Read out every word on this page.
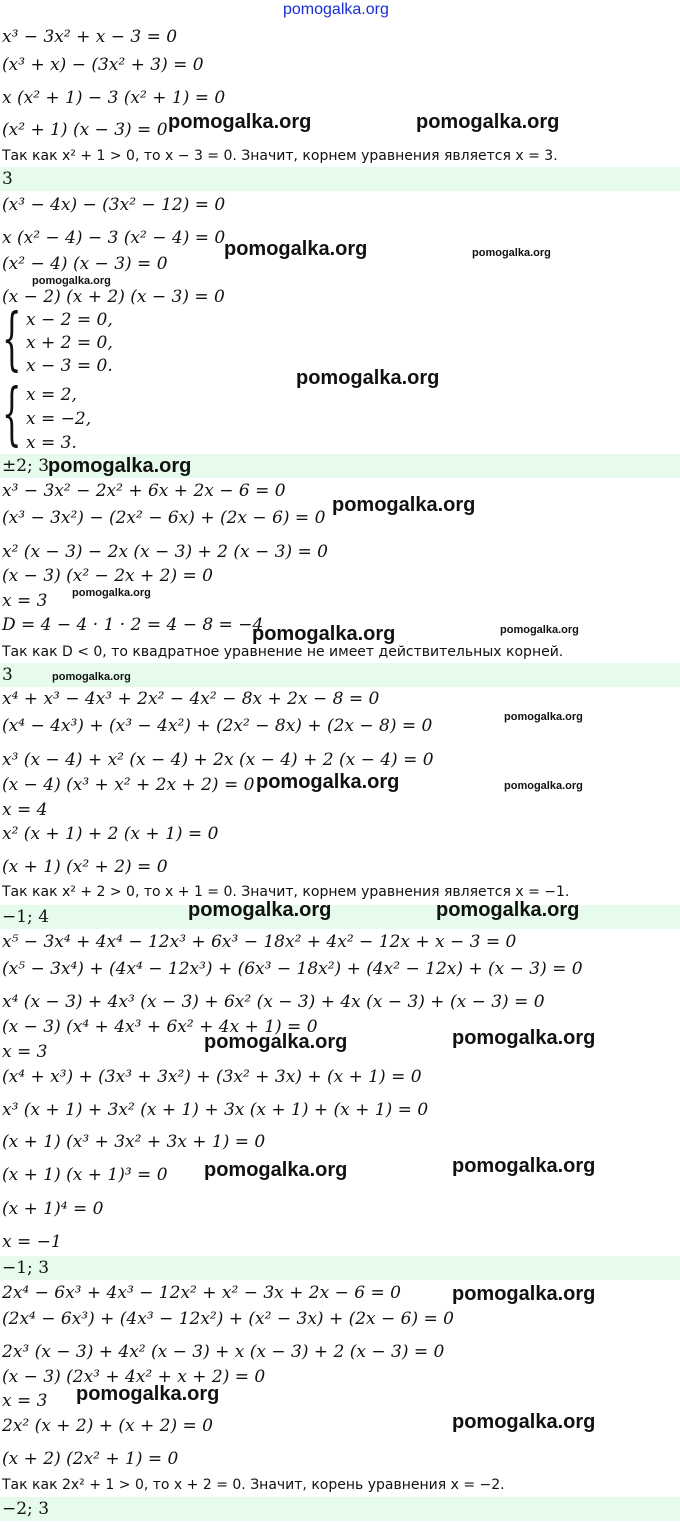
pomogalka.org
x³ − 3x² + x − 3 = 0
(x³ + x) − (3x² + 3) = 0
x (x² + 1) − 3 (x² + 1) = 0
(x² + 1) (x − 3) = 0
Так как x² + 1 > 0, то x − 3 = 0. Значит, корнем уравнения является x = 3.
3
(x³ − 4x) − (3x² − 12) = 0
x (x² − 4) − 3 (x² − 4) = 0
(x² − 4) (x − 3) = 0
(x − 2) (x + 2) (x − 3) = 0
{ x − 2 = 0,
x + 2 = 0,
x − 3 = 0.
{ x = 2,
x = −2,
x = 3.
±2; 3
x³ − 3x² − 2x² + 6x + 2x − 6 = 0
(x³ − 3x²) − (2x² − 6x) + (2x − 6) = 0
x² (x − 3) − 2x (x − 3) + 2 (x − 3) = 0
(x − 3) (x² − 2x + 2) = 0
x = 3
D = 4 − 4 · 1 · 2 = 4 − 8 = −4
Так как D < 0, то квадратное уравнение не имеет действительных корней.
3
x⁴ + x³ − 4x³ + 2x² − 4x² − 8x + 2x − 8 = 0
(x⁴ − 4x³) + (x³ − 4x²) + (2x² − 8x) + (2x − 8) = 0
x³ (x − 4) + x² (x − 4) + 2x (x − 4) + 2 (x − 4) = 0
(x − 4) (x³ + x² + 2x + 2) = 0
x = 4
x² (x + 1) + 2 (x + 1) = 0
(x + 1) (x² + 2) = 0
Так как x² + 2 > 0, то x + 1 = 0. Значит, корнем уравнения является x = −1.
−1; 4
x⁵ − 3x⁴ + 4x⁴ − 12x³ + 6x³ − 18x² + 4x² − 12x + x − 3 = 0
(x⁵ − 3x⁴) + (4x⁴ − 12x³) + (6x³ − 18x²) + (4x² − 12x) + (x − 3) = 0
x⁴ (x − 3) + 4x³ (x − 3) + 6x² (x − 3) + 4x (x − 3) + (x − 3) = 0
(x − 3) (x⁴ + 4x³ + 6x² + 4x + 1) = 0
x = 3
(x⁴ + x³) + (3x³ + 3x²) + (3x² + 3x) + (x + 1) = 0
x³ (x + 1) + 3x² (x + 1) + 3x (x + 1) + (x + 1) = 0
(x + 1) (x³ + 3x² + 3x + 1) = 0
(x + 1) (x + 1)³ = 0
(x + 1)⁴ = 0
x = −1
−1; 3
2x⁴ − 6x³ + 4x³ − 12x² + x² − 3x + 2x − 6 = 0
(2x⁴ − 6x³) + (4x³ − 12x²) + (x² − 3x) + (2x − 6) = 0
2x³ (x − 3) + 4x² (x − 3) + x (x − 3) + 2 (x − 3) = 0
(x − 3) (2x³ + 4x² + x + 2) = 0
x = 3
2x² (x + 2) + (x + 2) = 0
(x + 2) (2x² + 1) = 0
Так как 2x² + 1 > 0, то x + 2 = 0. Значит, корень уравнения x = −2.
−2; 3
pomogalka.org	pomogalka.org
pomogalka.org	pomogalka.org
pomogalka.org
pomogalka.org
pomogalka.org
pomogalka.org
pomogalka.org
pomogalka.org	pomogalka.org
pomogalka.org
pomogalka.org
pomogalka.org	pomogalka.org
pomogalka.org	pomogalka.org
pomogalka.org	pomogalka.org
pomogalka.org	pomogalka.org
pomogalka.org
pomogalka.org
pomogalka.org
